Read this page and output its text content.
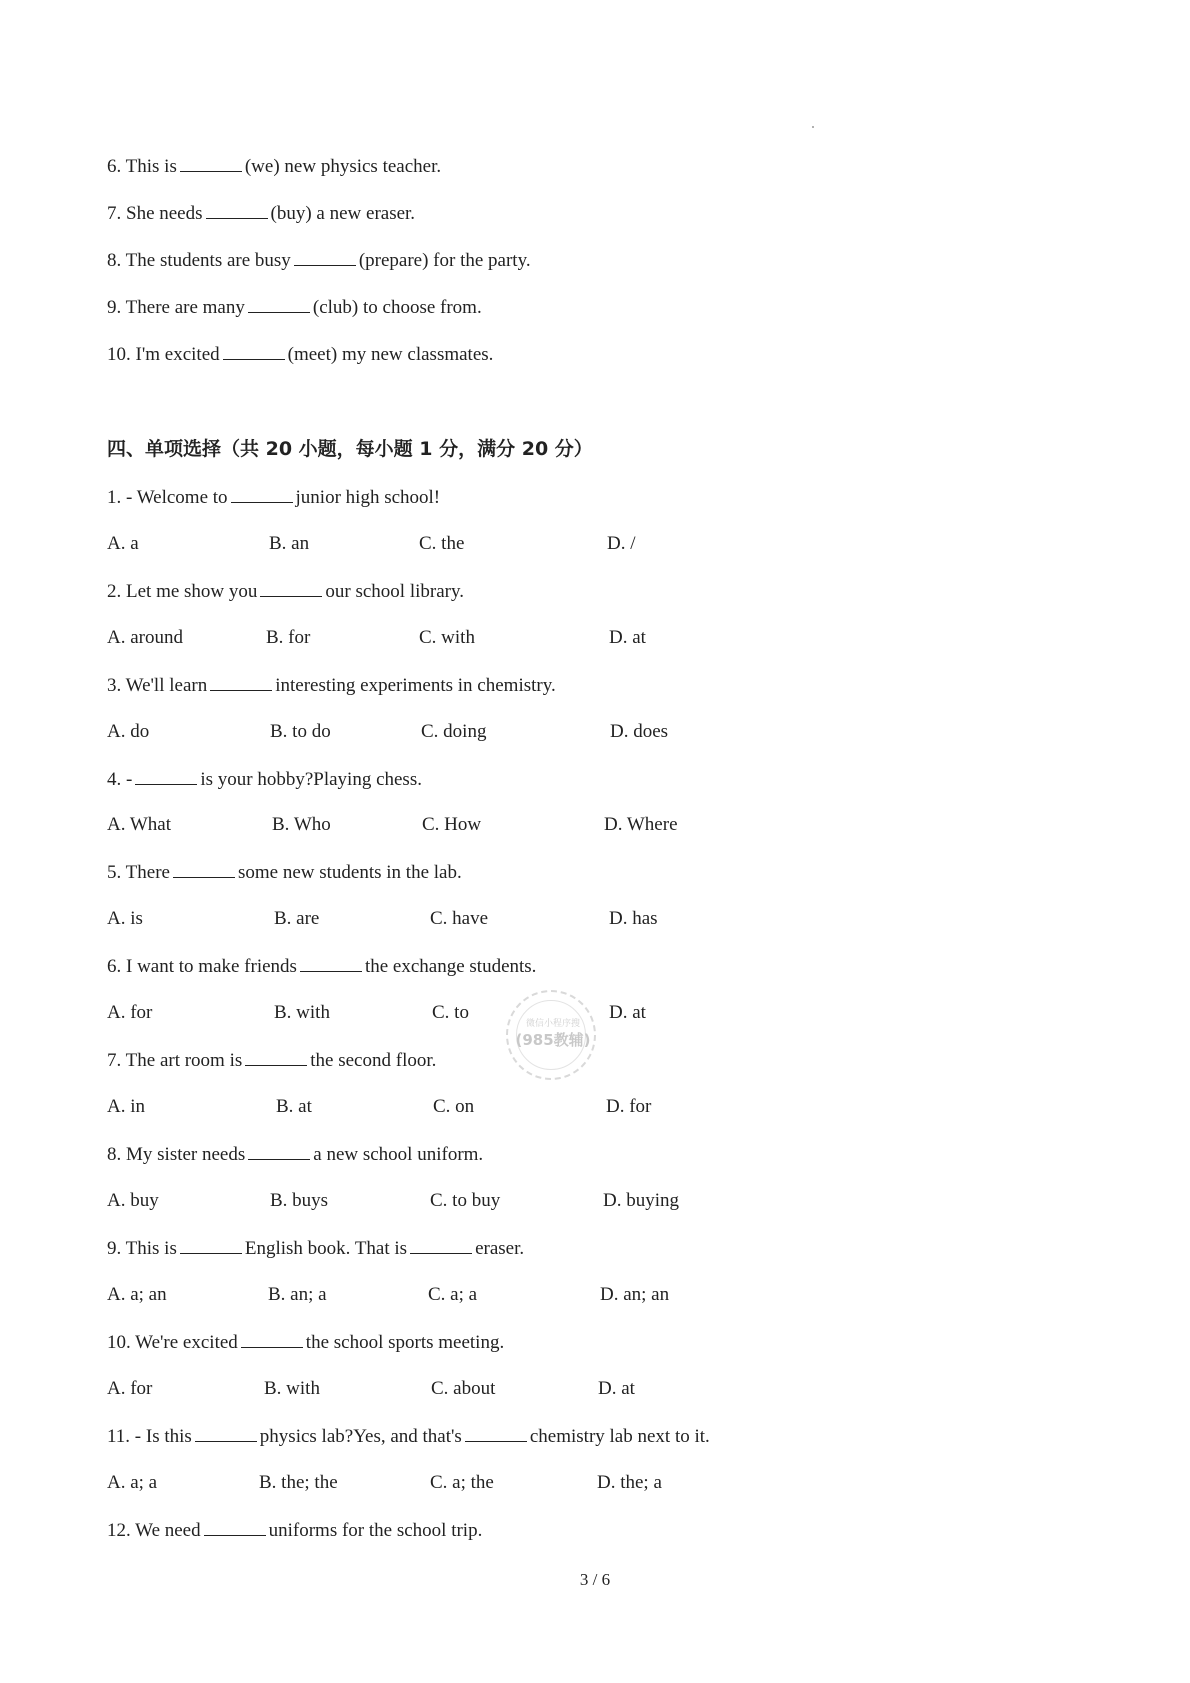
6. This is	(we) new physics teacher.
7. She needs	(buy) a new eraser.
8. The students are busy	(prepare) for the party.
9. There are many	(club) to choose from.
10. I'm excited	(meet) my new classmates.
四、单项选择（共 20 小题，每小题 1 分，满分 20 分）
1. - Welcome to	junior high school!
A. a	B. an	C. the	D. /
2. Let me show you	our school library.
A. around	B. for	C. with	D. at
3. We'll learn	interesting experiments in chemistry.
A. do	B. to do	C. doing	D. does
4. -	is your hobby?Playing chess.
A. What	B. Who	C. How	D. Where
5. There	some new students in the lab.
A. is	B. are	C. have	D. has
6. I want to make friends	the exchange students.
A. for	B. with	C. to	D. at
7. The art room is	the second floor.
A. in	B. at	C. on	D. for
8. My sister needs	a new school uniform.
A. buy	B. buys	C. to buy	D. buying
9. This is	English book. That is	eraser.
A. a; an	B. an; a	C. a; a	D. an; an
10. We're excited	the school sports meeting.
A. for	B. with	C. about	D. at
11. - Is this	physics lab?Yes, and that's	chemistry lab next to it.
A. a; a	B. the; the	C. a; the	D. the; a
12. We need	uniforms for the school trip.
微信小程序搜
(985教辅)
3 / 6
